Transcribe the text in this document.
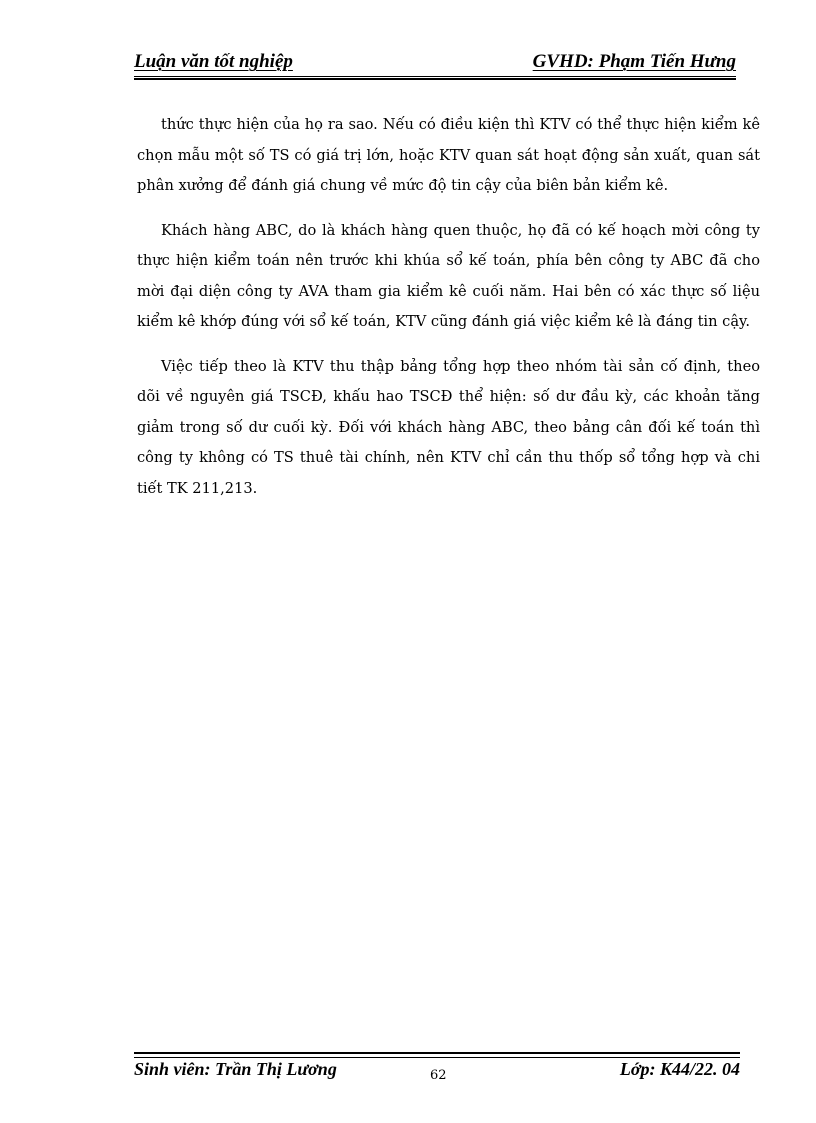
Luận văn tốt nghiệp	GVHD: Phạm Tiến Hưng

thức thực hiện của họ ra sao. Nếu có điều kiện thì KTV có thể thực hiện kiểm kê chọn mẫu một số TS có giá trị lớn, hoặc KTV quan sát hoạt động sản xuất, quan sát phân xưởng để đánh giá chung về mức độ tin cậy của biên bản kiểm kê.

Khách hàng ABC, do là khách hàng quen thuộc, họ đã có kế hoạch mời công ty thực hiện kiểm toán nên trước khi khúa sổ kế toán, phía bên công ty ABC đã cho mời đại diện công ty AVA tham gia kiểm kê cuối năm. Hai bên có xác thực số liệu kiểm kê khớp đúng với sổ kế toán, KTV cũng đánh giá việc kiểm kê là đáng tin cậy.

Việc tiếp theo là KTV thu thập bảng tổng hợp theo nhóm tài sản cố định, theo dõi về nguyên giá TSCĐ, khấu hao TSCĐ thể hiện: số dư đầu kỳ, các khoản tăng giảm trong số dư cuối kỳ. Đối với khách hàng ABC, theo bảng cân đối kế toán thì công ty không có TS thuê tài chính, nên KTV chỉ cần thu thốp sổ tổng hợp và chi tiết TK 211,213.

Sinh viên: Trần Thị Lương	62	Lớp: K44/22. 04
